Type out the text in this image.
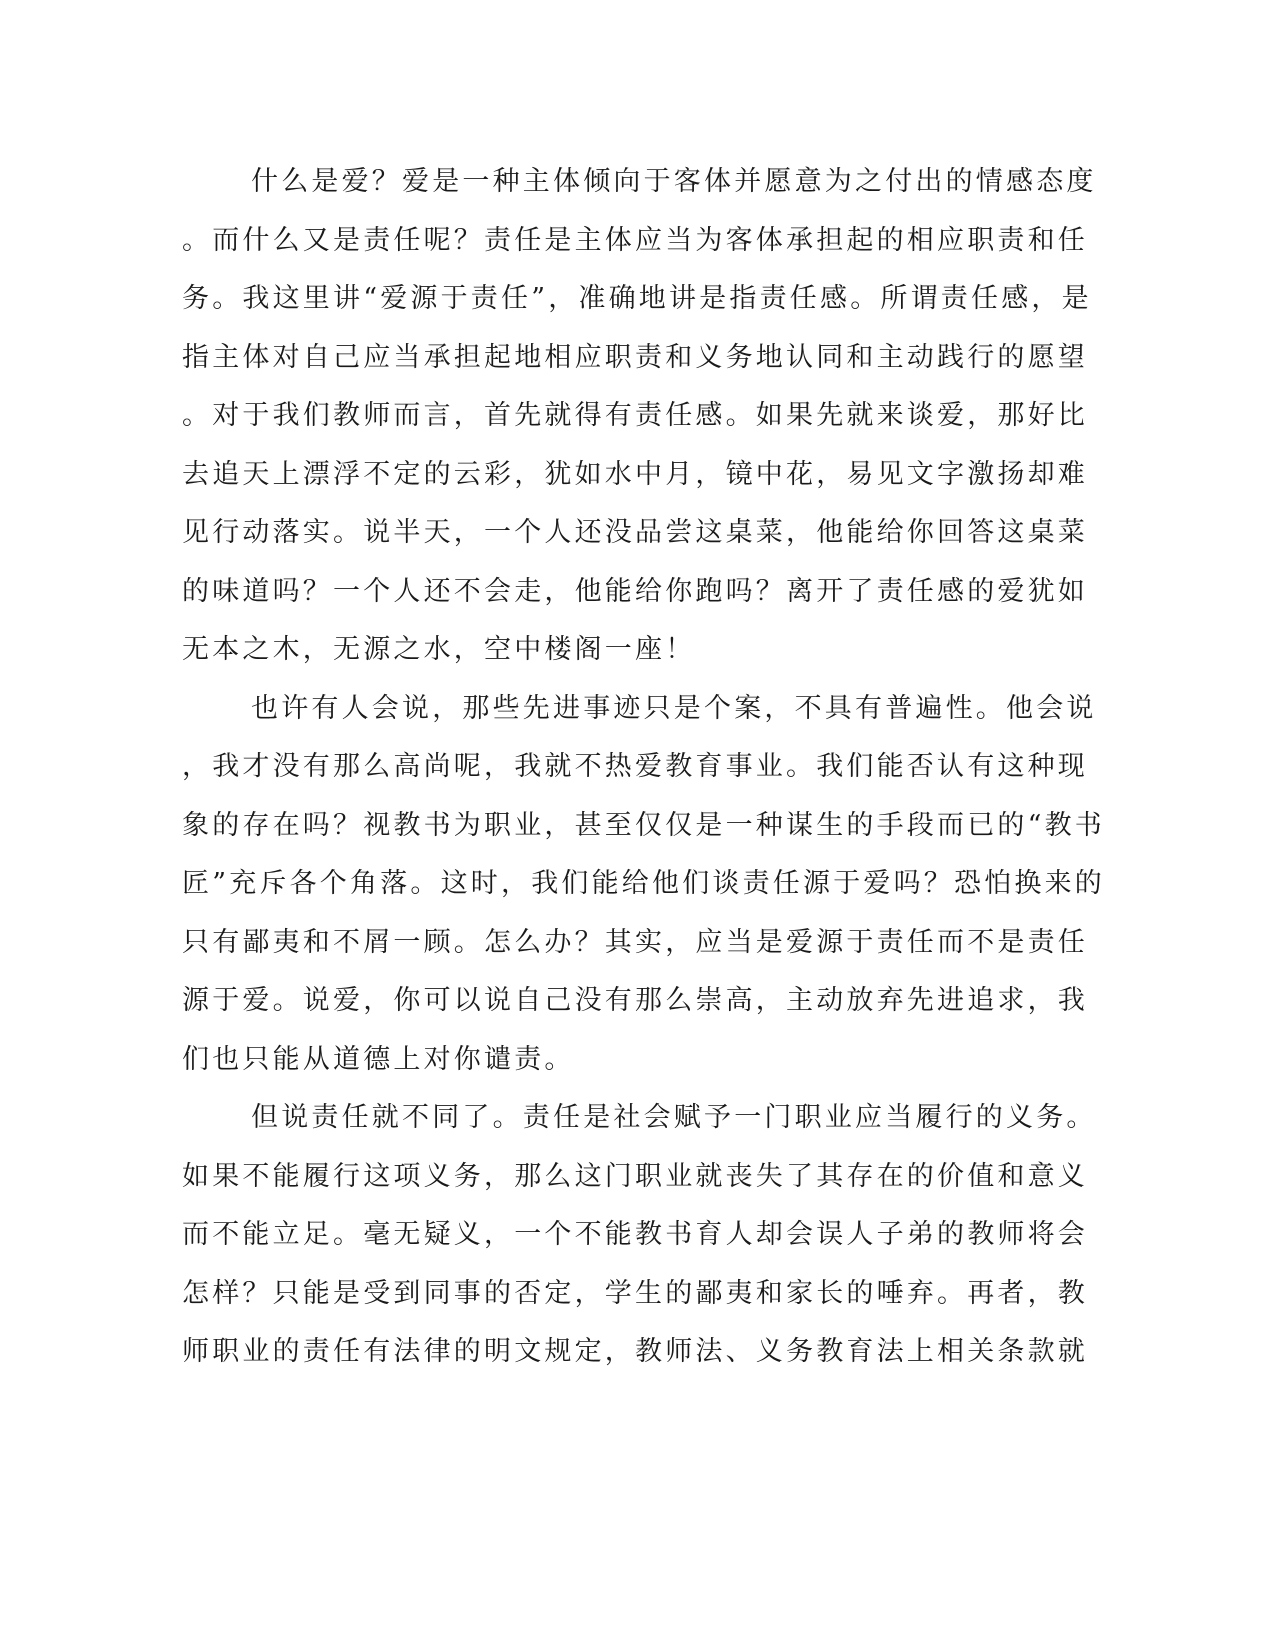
什么是爱？爱是一种主体倾向于客体并愿意为之付出的情感态度
。而什么又是责任呢？责任是主体应当为客体承担起的相应职责和任
务。我这里讲“爱源于责任”，准确地讲是指责任感。所谓责任感，是
指主体对自己应当承担起地相应职责和义务地认同和主动践行的愿望
。对于我们教师而言，首先就得有责任感。如果先就来谈爱，那好比
去追天上漂浮不定的云彩，犹如水中月，镜中花，易见文字激扬却难
见行动落实。说半天，一个人还没品尝这桌菜，他能给你回答这桌菜
的味道吗？一个人还不会走，他能给你跑吗？离开了责任感的爱犹如
无本之木，无源之水，空中楼阁一座！
也许有人会说，那些先进事迹只是个案，不具有普遍性。他会说
，我才没有那么高尚呢，我就不热爱教育事业。我们能否认有这种现
象的存在吗？视教书为职业，甚至仅仅是一种谋生的手段而已的“教书
匠”充斥各个角落。这时，我们能给他们谈责任源于爱吗？恐怕换来的
只有鄙夷和不屑一顾。怎么办？其实，应当是爱源于责任而不是责任
源于爱。说爱，你可以说自己没有那么崇高，主动放弃先进追求，我
们也只能从道德上对你谴责。
但说责任就不同了。责任是社会赋予一门职业应当履行的义务。
如果不能履行这项义务，那么这门职业就丧失了其存在的价值和意义
而不能立足。毫无疑义，一个不能教书育人却会误人子弟的教师将会
怎样？只能是受到同事的否定，学生的鄙夷和家长的唾弃。再者，教
师职业的责任有法律的明文规定，教师法、义务教育法上相关条款就
